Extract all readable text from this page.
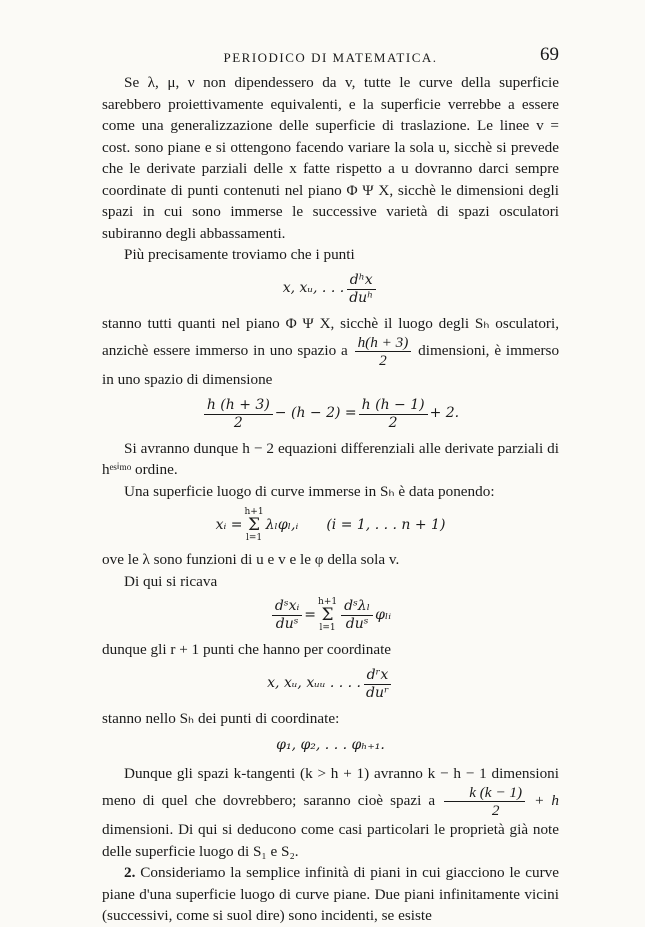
PERIODICO DI MATEMATICA.	69

Se λ, μ, ν non dipendessero da v, tutte le curve della superficie sarebbero proiettivamente equivalenti, e la superficie verrebbe a essere come una generalizzazione delle superficie di traslazione. Le linee v = cost. sono piane e si ottengono facendo variare la sola u, sicchè si prevede che le derivate parziali delle x fatte rispetto a u dovranno darci sempre coordinate di punti contenuti nel piano Φ Ψ X, sicchè le dimensioni degli spazi in cui sono immerse le successive varietà di spazi osculatori subiranno degli abbassamenti.

Più precisamente troviamo che i punti

x, xᵤ, . . . $\frac{\text{dʰx}}{\text{duʰ}}$

stanno tutti quanti nel piano Φ Ψ X, sicchè il luogo degli Sₕ osculatori, anzichè essere immerso in uno spazio a $\frac{h(h + 3)}{2}$ dimensioni, è immerso in uno spazio di dimensione

$\frac{h (h + 3)}{2} - (h - 2) = \frac{h (h - 1)}{2} + 2$.

Si avranno dunque h − 2 equazioni differenziali alle derivate parziali di hᵉˢⁱᵐᵒ ordine.

Una superficie luogo di curve immerse in Sₕ è data ponendo:

xᵢ =
h+1
Σ
l=1
λₗφₗ,ᵢ (i = 1, . . . n + 1)

ove le λ sono funzioni di u e v e le φ della sola v.

Di qui si ricava

$\frac{\text{dˢxᵢ}}{\text{duˢ}}$ =
h+1
Σ
$l=1 \frac{\text{dˢλₗ}}{\text{duˢ}}$ φₗᵢ

dunque gli r + 1 punti che hanno per coordinate

x, xᵤ, xᵤᵤ . . . . $\frac{\text{dʳx}}{\text{duʳ}}$

stanno nello Sₕ dei punti di coordinate:

φ₁, φ₂, . . . φₕ₊₁.

Dunque gli spazi k-tangenti (k > h + 1) avranno k − h − 1 dimensioni meno di quel che dovrebbero; saranno cioè spazi a $\frac{k (k - 1)}{2} + h$ dimensioni. Di qui si deducono come casi particolari le proprietà già note delle superficie luogo di S₁ e S₂.

2. Consideriamo la semplice infinità di piani in cui giacciono le curve piane d'una superficie luogo di curve piane. Due piani infinitamente vicini (successivi, come si suol dire) sono incidenti, se esiste
